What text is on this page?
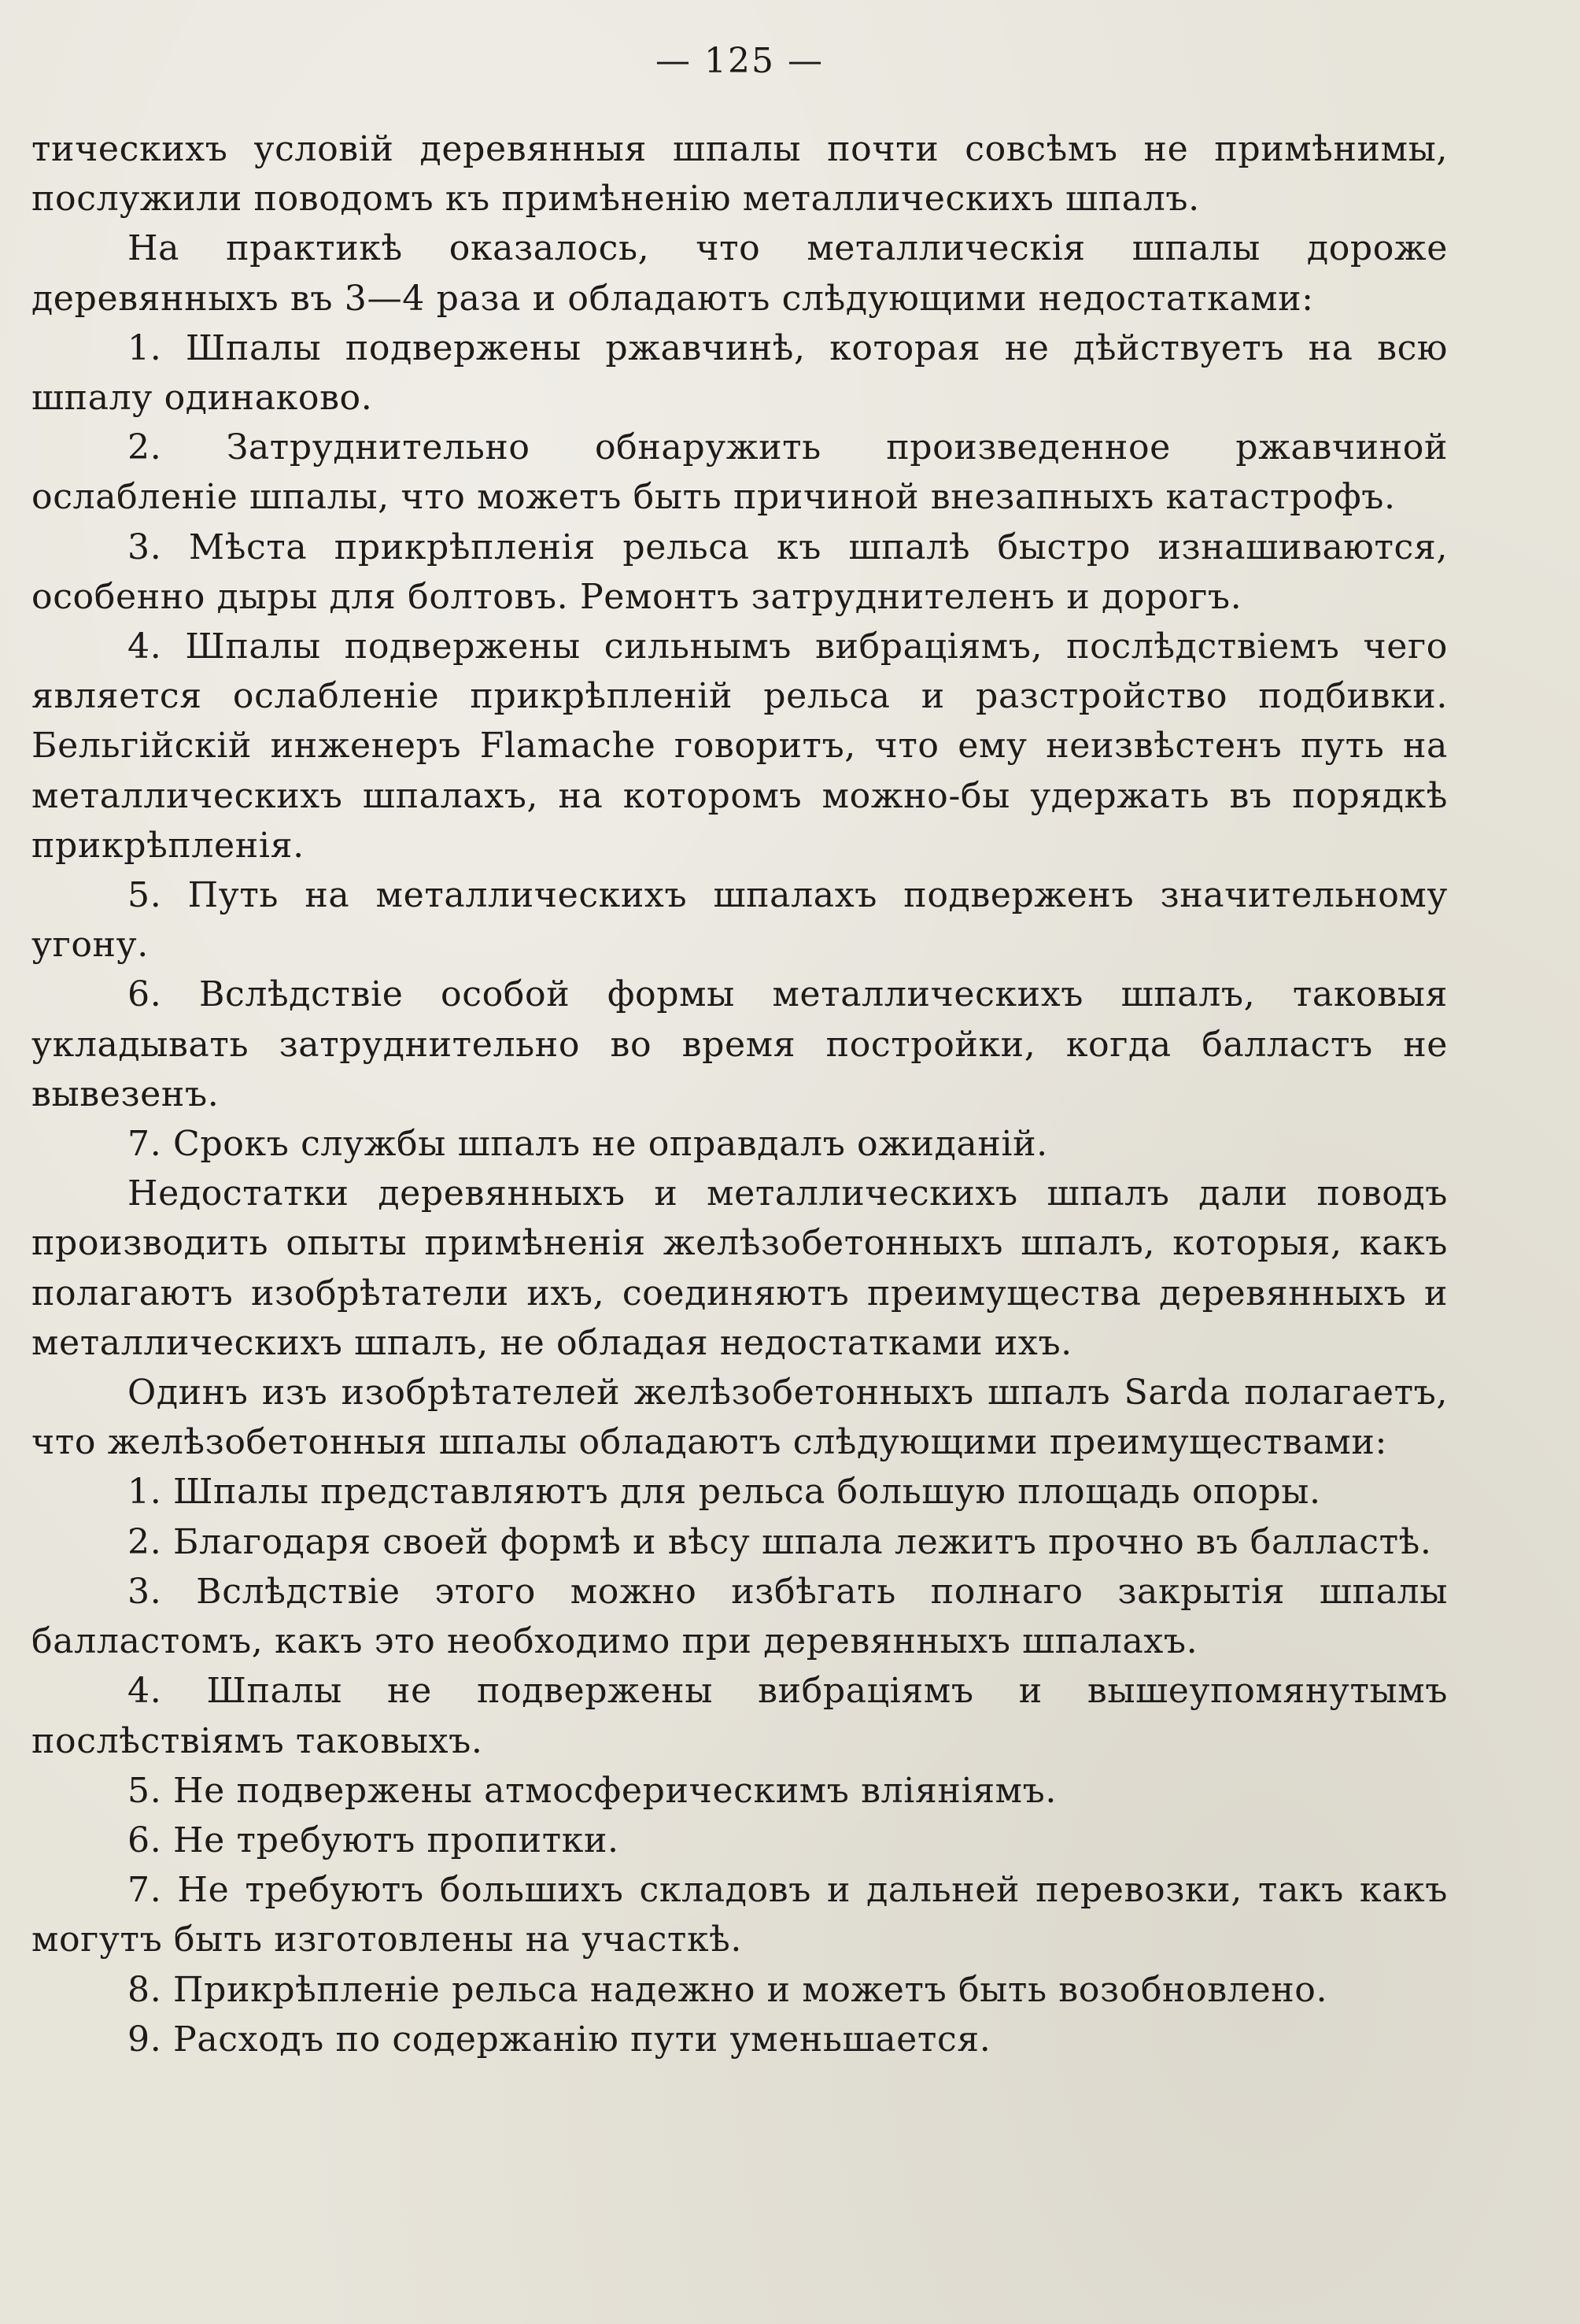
— 125 —

тическихъ условій деревянныя шпалы почти совсѣмъ не примѣнимы, послужили поводомъ къ примѣненію металлическихъ шпалъ.

На практикѣ оказалось, что металлическія шпалы дороже деревянныхъ въ 3—4 раза и обладаютъ слѣдующими недостатками:

1. Шпалы подвержены ржавчинѣ, которая не дѣйствуетъ на всю шпалу одинаково.

2. Затруднительно обнаружить произведенное ржавчиной ослабленіе шпалы, что можетъ быть причиной внезапныхъ катастрофъ.

3. Мѣста прикрѣпленія рельса къ шпалѣ быстро изнашиваются, особенно дыры для болтовъ. Ремонтъ затруднителенъ и дорогъ.

4. Шпалы подвержены сильнымъ вибраціямъ, послѣдствіемъ чего является ослабленіе прикрѣпленій рельса и разстройство подбивки. Бельгійскій инженеръ Flamache говоритъ, что ему неизвѣстенъ путь на металлическихъ шпалахъ, на которомъ можно-бы удержать въ порядкѣ прикрѣпленія.

5. Путь на металлическихъ шпалахъ подверженъ значительному угону.

6. Вслѣдствіе особой формы металлическихъ шпалъ, таковыя укладывать затруднительно во время постройки, когда балластъ не вывезенъ.

7. Срокъ службы шпалъ не оправдалъ ожиданій.

Недостатки деревянныхъ и металлическихъ шпалъ дали поводъ производить опыты примѣненія желѣзобетонныхъ шпалъ, которыя, какъ полагаютъ изобрѣтатели ихъ, соединяютъ преимущества деревянныхъ и металлическихъ шпалъ, не обладая недостатками ихъ.

Одинъ изъ изобрѣтателей желѣзобетонныхъ шпалъ Sarda полагаетъ, что желѣзобетонныя шпалы обладаютъ слѣдующими преимуществами:

1. Шпалы представляютъ для рельса большую площадь опоры.

2. Благодаря своей формѣ и вѣсу шпала лежитъ прочно въ балластѣ.

3. Вслѣдствіе этого можно избѣгать полнаго закрытія шпалы балластомъ, какъ это необходимо при деревянныхъ шпалахъ.

4. Шпалы не подвержены вибраціямъ и вышеупомянутымъ послѣствіямъ таковыхъ.

5. Не подвержены атмосферическимъ вліяніямъ.

6. Не требуютъ пропитки.

7. Не требуютъ большихъ складовъ и дальней перевозки, такъ какъ могутъ быть изготовлены на участкѣ.

8. Прикрѣпленіе рельса надежно и можетъ быть возобновлено.

9. Расходъ по содержанію пути уменьшается.
